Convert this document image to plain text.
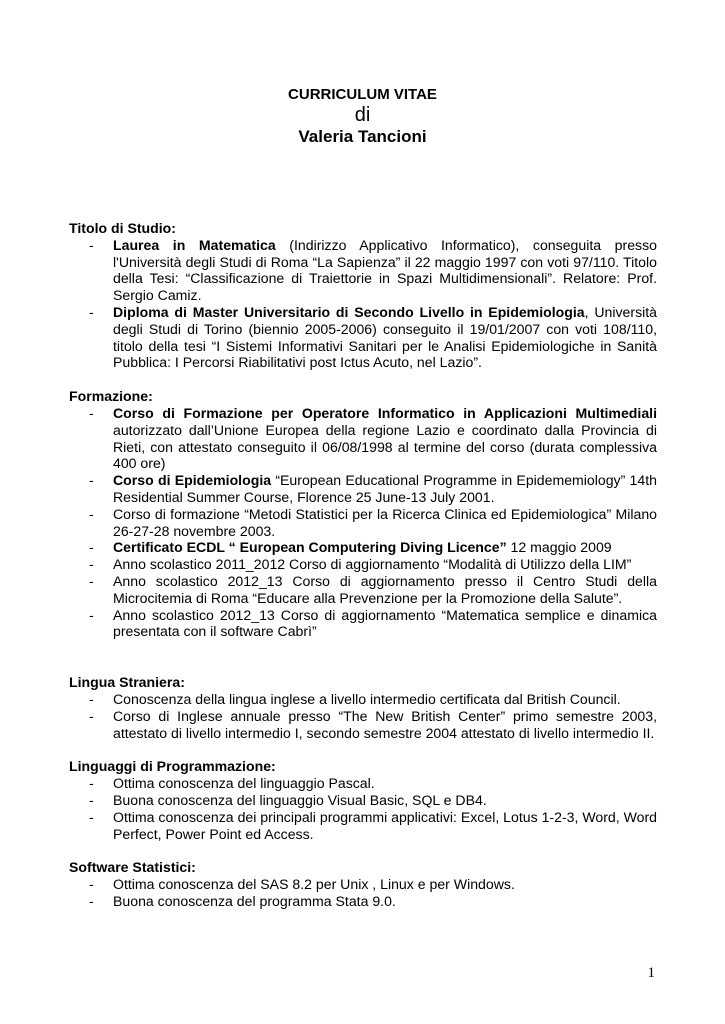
CURRICULUM VITAE
di
Valeria Tancioni
Titolo di Studio:
- Laurea in Matematica (Indirizzo Applicativo Informatico), conseguita presso l'Università degli Studi di Roma “La Sapienza” il 22 maggio 1997 con voti 97/110. Titolo della Tesi: “Classificazione di Traiettorie in Spazi Multidimensionali”. Relatore: Prof. Sergio Camiz.
- Diploma di Master Universitario di Secondo Livello in Epidemiologia, Università degli Studi di Torino (biennio 2005-2006) conseguito il 19/01/2007 con voti 108/110, titolo della tesi “I Sistemi Informativi Sanitari per le Analisi Epidemiologiche in Sanità Pubblica: I Percorsi Riabilitativi post Ictus Acuto, nel Lazio”.
Formazione:
- Corso di Formazione per Operatore Informatico in Applicazioni Multimediali autorizzato dall’Unione Europea della regione Lazio e coordinato dalla Provincia di Rieti, con attestato conseguito il 06/08/1998 al termine del corso (durata complessiva 400 ore)
- Corso di Epidemiologia “European Educational Programme in Epidememiology” 14th Residential Summer Course, Florence 25 June-13 July 2001.
- Corso di formazione “Metodi Statistici per la Ricerca Clinica ed Epidemiologica” Milano 26-27-28 novembre 2003.
- Certificato ECDL “ European Computering Diving Licence” 12 maggio 2009
- Anno scolastico 2011_2012 Corso di aggiornamento “Modalità di Utilizzo della LIM”
- Anno scolastico 2012_13 Corso di aggiornamento presso il Centro Studi della Microcitemia di Roma “Educare alla Prevenzione per la Promozione della Salute”.
- Anno scolastico 2012_13 Corso di aggiornamento “Matematica semplice e dinamica presentata con il software Cabrì”
Lingua Straniera:
- Conoscenza della lingua inglese a livello intermedio certificata dal British Council.
- Corso di Inglese annuale presso “The New British Center” primo semestre 2003, attestato di livello intermedio I, secondo semestre 2004 attestato di livello intermedio II.
Linguaggi di Programmazione:
- Ottima conoscenza del linguaggio Pascal.
- Buona conoscenza del linguaggio Visual Basic, SQL e DB4.
- Ottima conoscenza dei principali programmi applicativi: Excel, Lotus 1-2-3, Word, Word Perfect, Power Point ed Access.
Software Statistici:
- Ottima conoscenza del SAS 8.2 per Unix , Linux e per Windows.
- Buona conoscenza del programma Stata 9.0.
1
